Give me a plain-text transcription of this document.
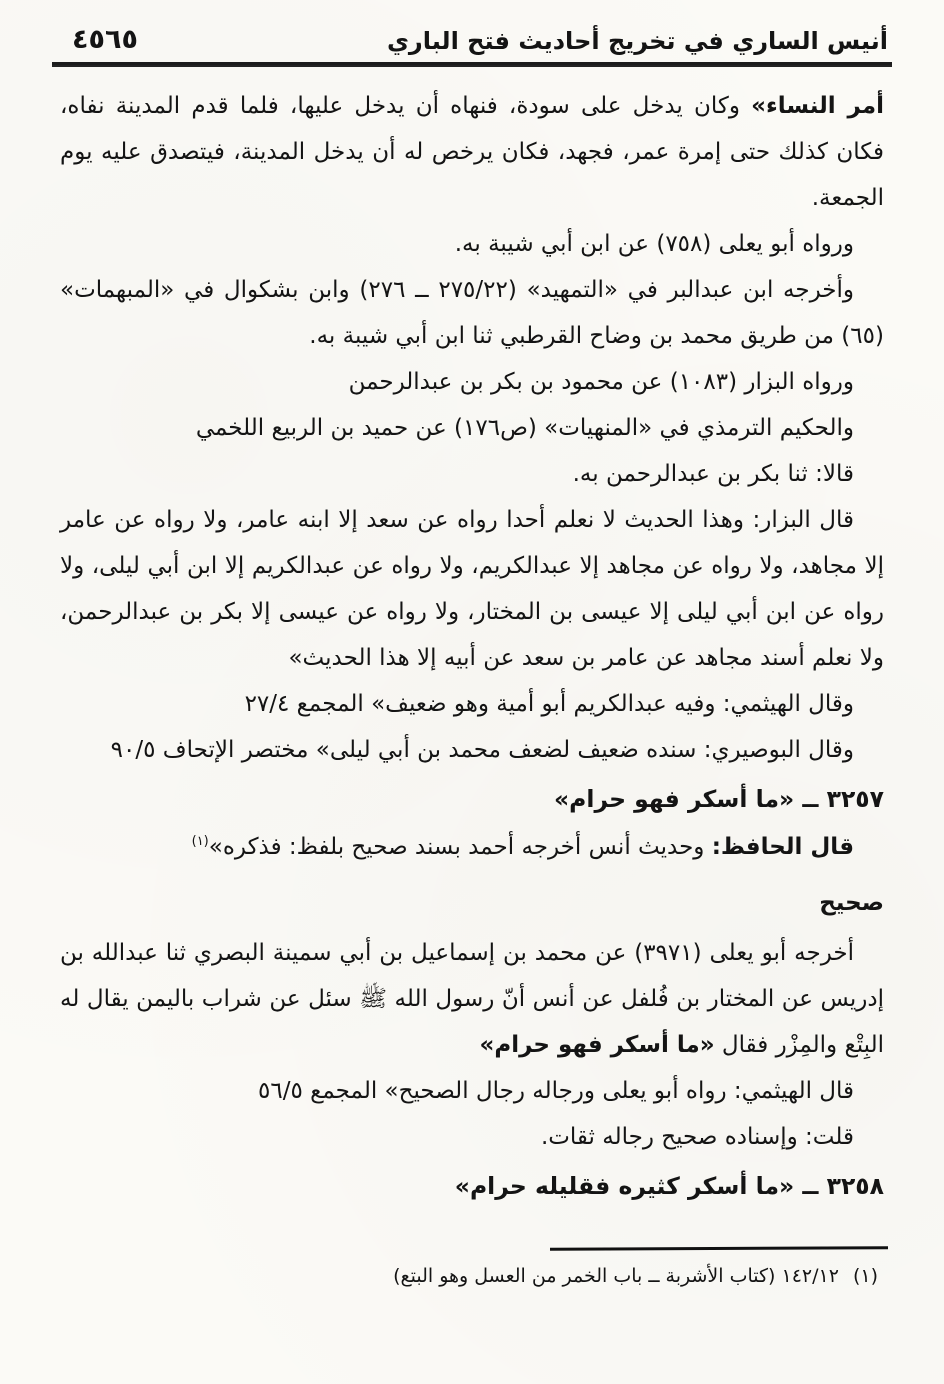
أنيس الساري في تخريج أحاديث فتح الباري
٤٥٦٥

أمر النساء» وكان يدخل على سودة، فنهاه أن يدخل عليها، فلما قدم المدينة نفاه، فكان كذلك حتى إمرة عمر، فجهد، فكان يرخص له أن يدخل المدينة، فيتصدق عليه يوم الجمعة.

ورواه أبو يعلى (٧٥٨) عن ابن أبي شيبة به.

وأخرجه ابن عبدالبر في «التمهيد» (٢٧٥/٢٢ ــ ٢٧٦) وابن بشكوال في «المبهمات» (٦٥) من طريق محمد بن وضاح القرطبي ثنا ابن أبي شيبة به.

ورواه البزار (١٠٨٣) عن محمود بن بكر بن عبدالرحمن

والحكيم الترمذي في «المنهيات» (ص١٧٦) عن حميد بن الربيع اللخمي

قالا: ثنا بكر بن عبدالرحمن به.

قال البزار: وهذا الحديث لا نعلم أحدا رواه عن سعد إلا ابنه عامر، ولا رواه عن عامر إلا مجاهد، ولا رواه عن مجاهد إلا عبدالكريم، ولا رواه عن عبدالكريم إلا ابن أبي ليلى، ولا رواه عن ابن أبي ليلى إلا عيسى بن المختار، ولا رواه عن عيسى إلا بكر بن عبدالرحمن، ولا نعلم أسند مجاهد عن عامر بن سعد عن أبيه إلا هذا الحديث»

وقال الهيثمي: وفيه عبدالكريم أبو أمية وهو ضعيف» المجمع ٢٧/٤

وقال البوصيري: سنده ضعيف لضعف محمد بن أبي ليلى» مختصر الإتحاف ٩٠/٥

٣٢٥٧ ــ «ما أسكر فهو حرام»

قال الحافظ: وحديث أنس أخرجه أحمد بسند صحيح بلفظ: فذكره»$^{(١)}$

صحيح

أخرجه أبو يعلى (٣٩٧١) عن محمد بن إسماعيل بن أبي سمينة البصري ثنا عبدالله بن إدريس عن المختار بن فُلفل عن أنس أنّ رسول الله ﷺ سئل عن شراب باليمن يقال له البِتْع والمِزْر فقال «ما أسكر فهو حرام»

قال الهيثمي: رواه أبو يعلى ورجاله رجال الصحيح» المجمع ٥٦/٥

قلت: وإسناده صحيح رجاله ثقات.

٣٢٥٨ ــ «ما أسكر كثيره فقليله حرام»

(١)١٤٢/١٢ (كتاب الأشربة ــ باب الخمر من العسل وهو البتع)
